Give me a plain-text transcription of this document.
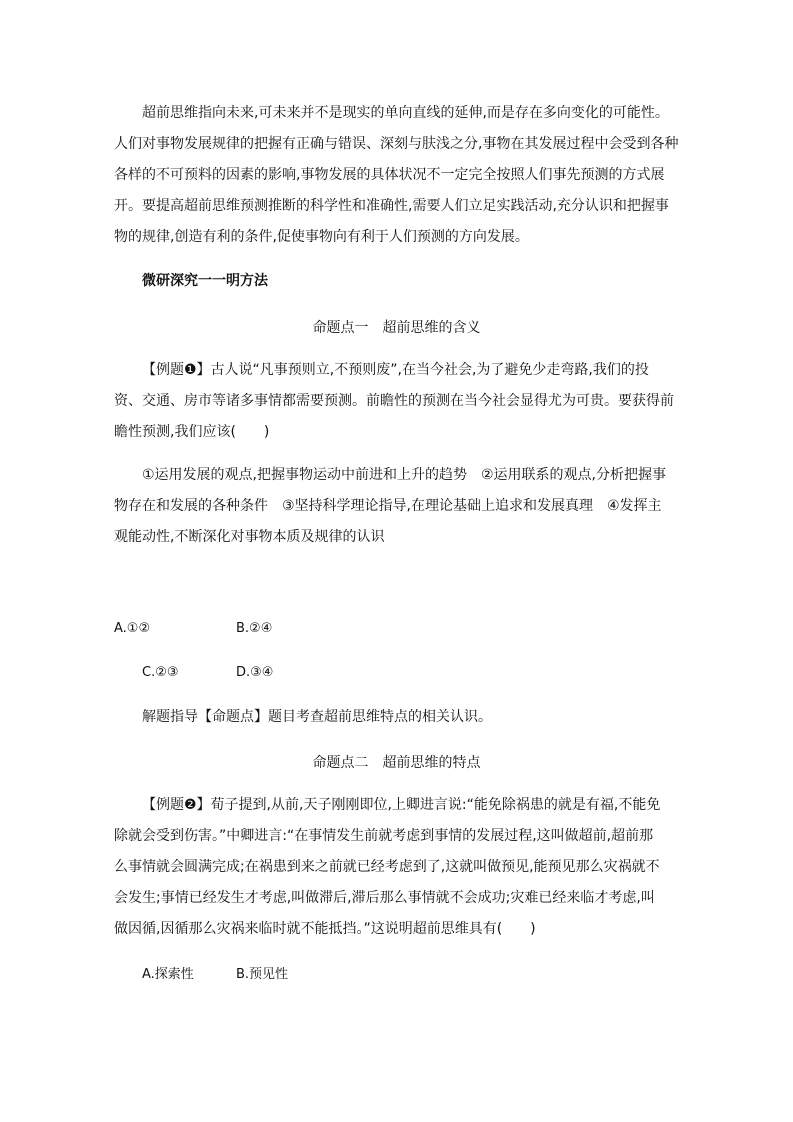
超前思维指向未来,可未来并不是现实的单向直线的延伸,而是存在多向变化的可能性。
人们对事物发展规律的把握有正确与错误、深刻与肤浅之分,事物在其发展过程中会受到各种
各样的不可预料的因素的影响,事物发展的具体状况不一定完全按照人们事先预测的方式展
开。要提高超前思维预测推断的科学性和准确性,需要人们立足实践活动,充分认识和把握事
物的规律,创造有利的条件,促使事物向有利于人们预测的方向发展。
微研深究一一明方法
命题点一　超前思维的含义
【例题❶】古人说“凡事预则立,不预则废”,在当今社会,为了避免少走弯路,我们的投
资、交通、房市等诸多事情都需要预测。前瞻性的预测在当今社会显得尤为可贵。要获得前
瞻性预测,我们应该(　　)
①运用发展的观点,把握事物运动中前进和上升的趋势　②运用联系的观点,分析把握事
物存在和发展的各种条件　③坚持科学理论指导,在理论基础上追求和发展真理　④发挥主
观能动性,不断深化对事物本质及规律的认识
A.①②	B.②④
C.②③	D.③④
解题指导【命题点】题目考查超前思维特点的相关认识。
命题点二　超前思维的特点
【例题❷】荀子提到,从前,天子刚刚即位,上卿进言说:“能免除祸患的就是有福,不能免
除就会受到伤害。”中卿进言:“在事情发生前就考虑到事情的发展过程,这叫做超前,超前那
么事情就会圆满完成;在祸患到来之前就已经考虑到了,这就叫做预见,能预见那么灾祸就不
会发生;事情已经发生才考虑,叫做滞后,滞后那么事情就不会成功;灾难已经来临才考虑,叫
做因循,因循那么灾祸来临时就不能抵挡。”这说明超前思维具有(　　)
A.探索性	B.预见性
